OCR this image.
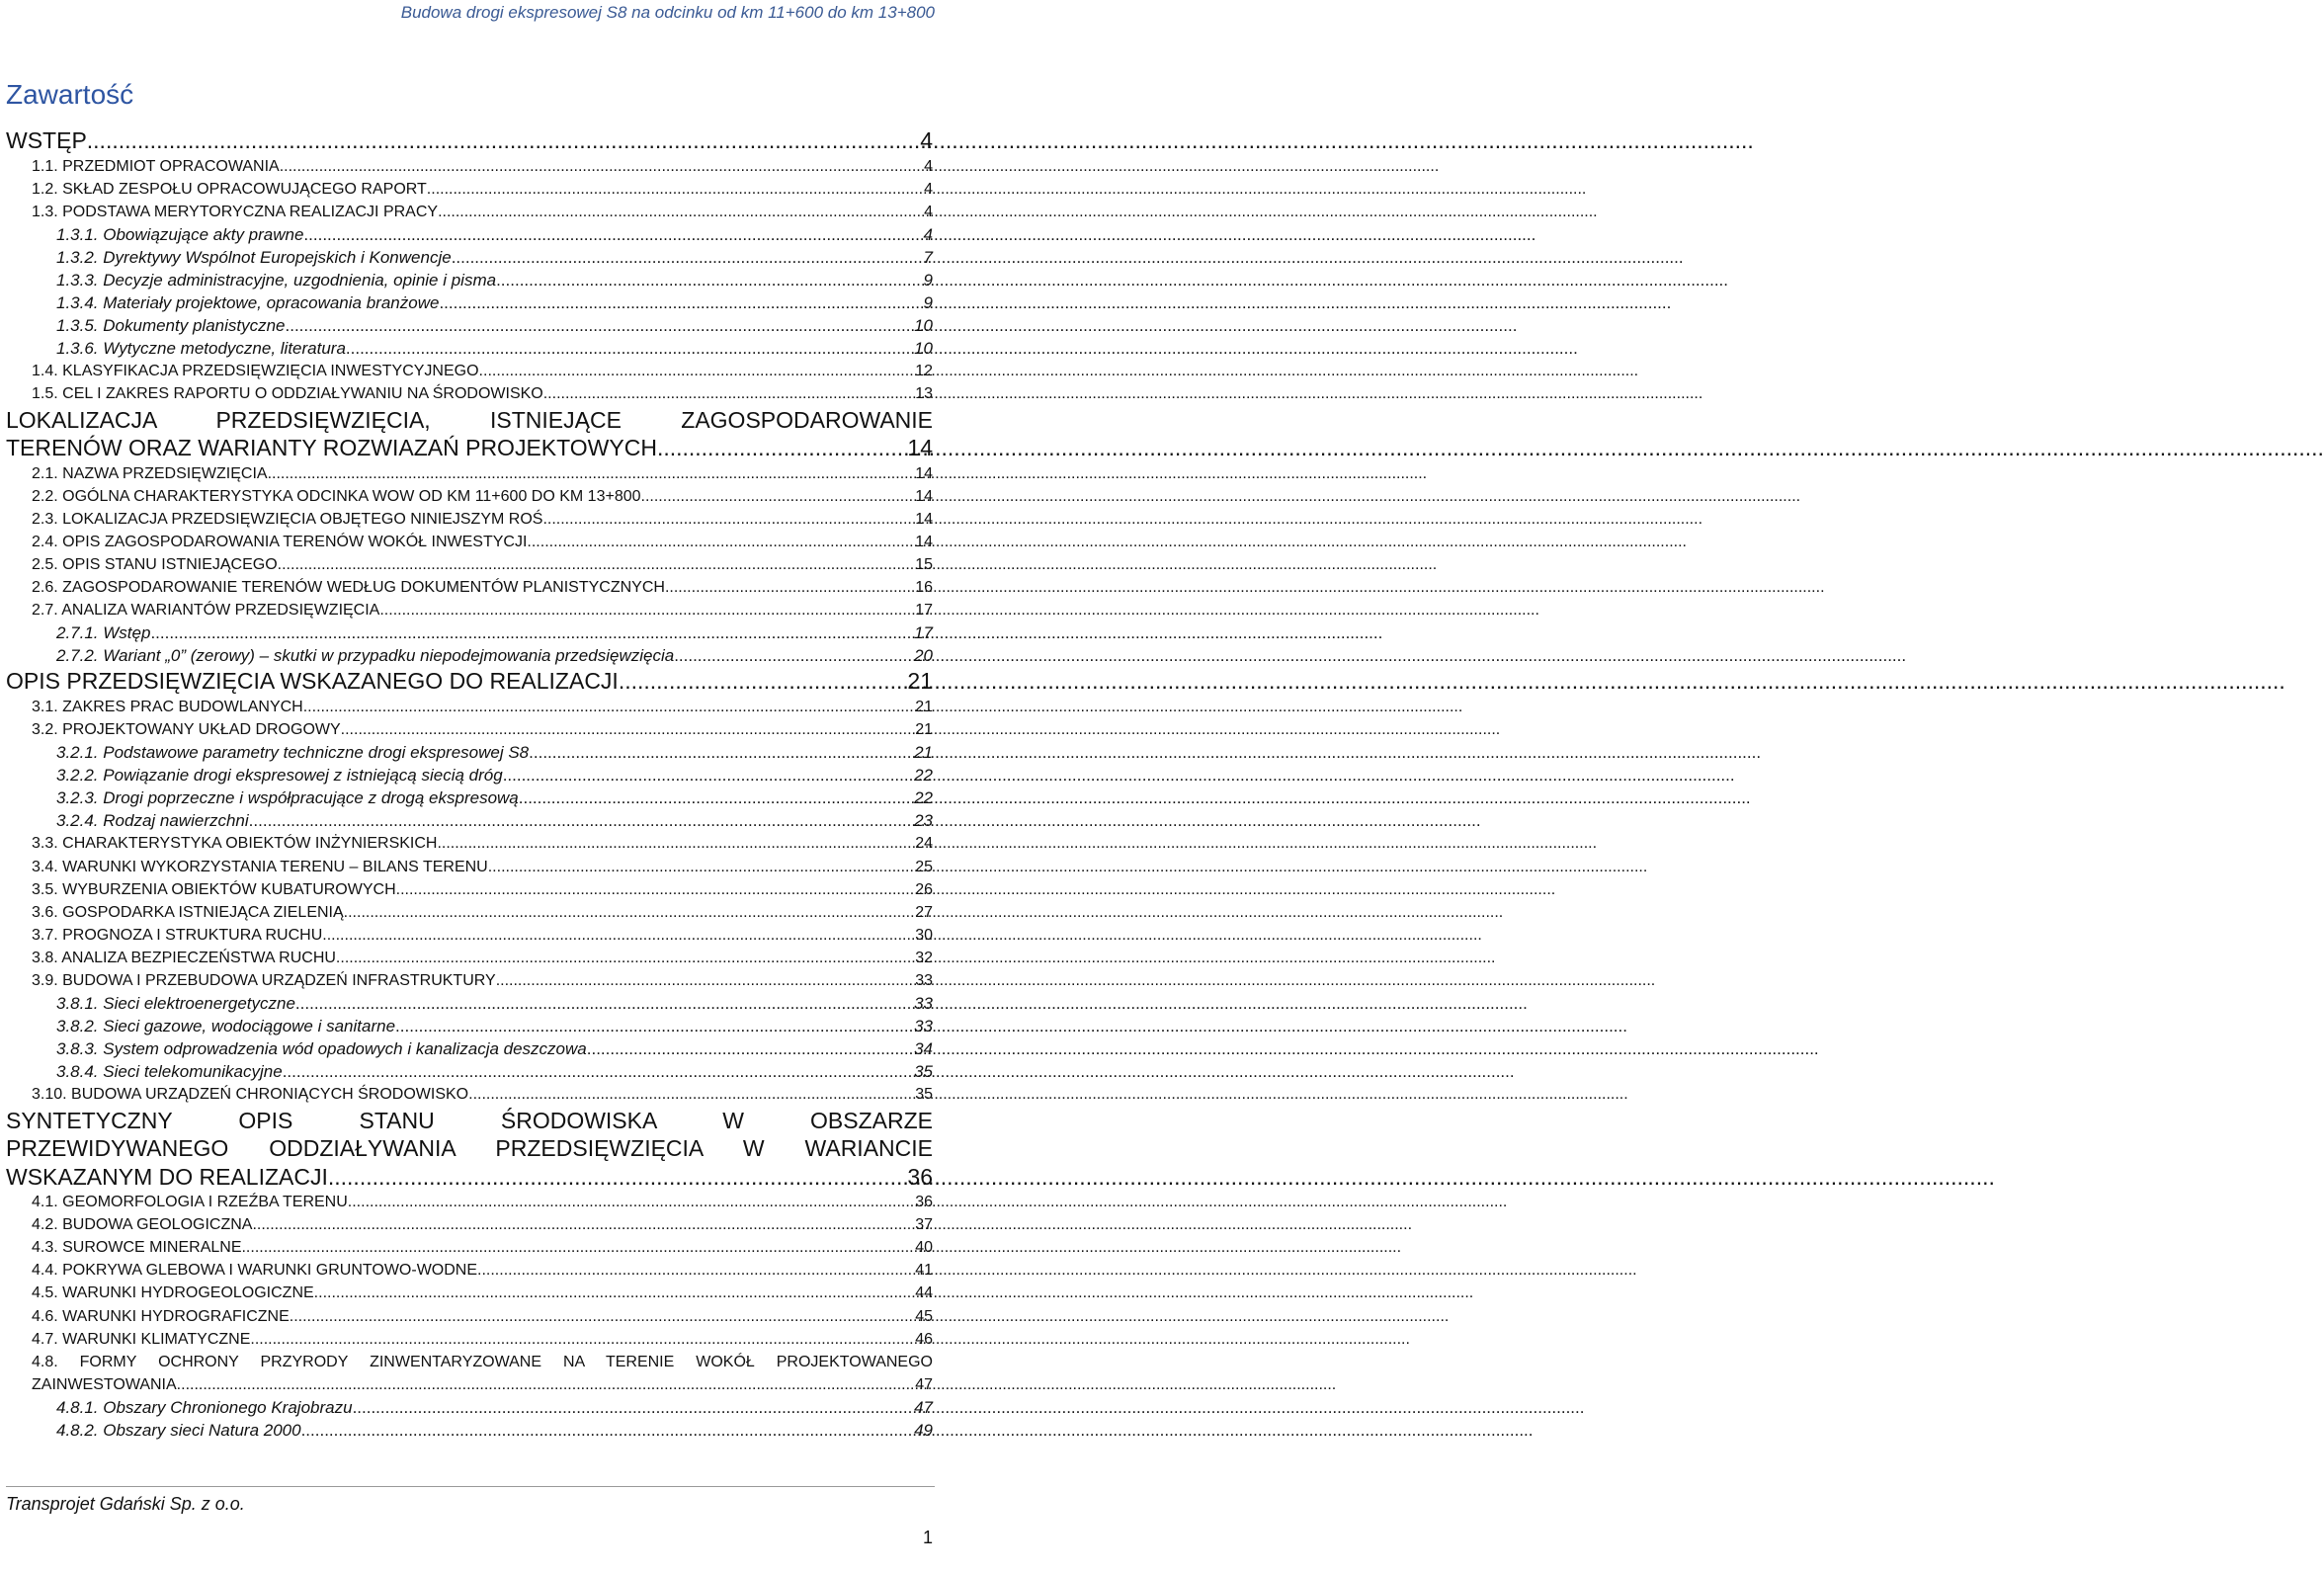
Budowa drogi ekspresowej S8 na odcinku od km 11+600 do km 13+800
Zawartość
WSTĘP .....	4
1.1. PRZEDMIOT OPRACOWANIA .....	4
1.2. SKŁAD ZESPOŁU OPRACOWUJĄCEGO RAPORT .....	4
1.3. PODSTAWA MERYTORYCZNA REALIZACJI PRACY .....	4
1.3.1. Obowiązujące akty prawne .....	4
1.3.2. Dyrektywy Wspólnot Europejskich i Konwencje .....	7
1.3.3. Decyzje administracyjne, uzgodnienia, opinie i pisma .....	9
1.3.4. Materiały projektowe, opracowania branżowe .....	9
1.3.5. Dokumenty planistyczne .....	10
1.3.6. Wytyczne metodyczne, literatura .....	10
1.4. KLASYFIKACJA PRZEDSIĘWZIĘCIA INWESTYCYJNEGO .....	12
1.5. CEL I ZAKRES RAPORTU O ODDZIAŁYWANIU NA ŚRODOWISKO .....	13
LOKALIZACJA PRZEDSIĘWZIĘCIA, ISTNIEJĄCE ZAGOSPODAROWANIE
TERENÓW ORAZ WARIANTY ROZWIAZAŃ PROJEKTOWYCH .....	14
2.1. NAZWA PRZEDSIĘWZIĘCIA .....	14
2.2. OGÓLNA CHARAKTERYSTYKA ODCINKA WOW OD KM 11+600 DO KM 13+800 .....	14
2.3. LOKALIZACJA PRZEDSIĘWZIĘCIA OBJĘTEGO NINIEJSZYM ROŚ .....	14
2.4. OPIS ZAGOSPODAROWANIA TERENÓW WOKÓŁ INWESTYCJI .....	14
2.5. OPIS STANU ISTNIEJĄCEGO .....	15
2.6. ZAGOSPODAROWANIE TERENÓW WEDŁUG DOKUMENTÓW PLANISTYCZNYCH .....	16
2.7. ANALIZA WARIANTÓW PRZEDSIĘWZIĘCIA .....	17
2.7.1. Wstęp .....	17
2.7.2. Wariant „0” (zerowy) – skutki w przypadku niepodejmowania przedsięwzięcia .....	20
OPIS PRZEDSIĘWZIĘCIA WSKAZANEGO DO REALIZACJI .....	21
3.1. ZAKRES PRAC BUDOWLANYCH .....	21
3.2. PROJEKTOWANY UKŁAD DROGOWY .....	21
3.2.1. Podstawowe parametry techniczne drogi ekspresowej S8 .....	21
3.2.2. Powiązanie drogi ekspresowej z istniejącą siecią dróg .....	22
3.2.3. Drogi poprzeczne i współpracujące z drogą ekspresową .....	22
3.2.4. Rodzaj nawierzchni .....	23
3.3. CHARAKTERYSTYKA OBIEKTÓW INŻYNIERSKICH .....	24
3.4. WARUNKI WYKORZYSTANIA TERENU – BILANS TERENU .....	25
3.5. WYBURZENIA OBIEKTÓW KUBATUROWYCH .....	26
3.6. GOSPODARKA ISTNIEJĄCA ZIELENIĄ .....	27
3.7. PROGNOZA I STRUKTURA RUCHU .....	30
3.8. ANALIZA BEZPIECZEŃSTWA RUCHU .....	32
3.9. BUDOWA I PRZEBUDOWA URZĄDZEŃ INFRASTRUKTURY .....	33
3.8.1. Sieci elektroenergetyczne .....	33
3.8.2. Sieci gazowe, wodociągowe i sanitarne .....	33
3.8.3. System odprowadzenia wód opadowych i kanalizacja deszczowa .....	34
3.8.4. Sieci telekomunikacyjne .....	35
3.10. BUDOWA URZĄDZEŃ CHRONIĄCYCH ŚRODOWISKO .....	35
SYNTETYCZNY OPIS STANU ŚRODOWISKA W OBSZARZE
PRZEWIDYWANEGO ODDZIAŁYWANIA PRZEDSIĘWZIĘCIA W WARIANCIE
WSKAZANYM DO REALIZACJI .....	36
4.1. GEOMORFOLOGIA I RZEŹBA TERENU .....	36
4.2. BUDOWA GEOLOGICZNA .....	37
4.3. SUROWCE MINERALNE .....	40
4.4. POKRYWA GLEBOWA I WARUNKI GRUNTOWO-WODNE .....	41
4.5. WARUNKI HYDROGEOLOGICZNE .....	44
4.6. WARUNKI HYDROGRAFICZNE .....	45
4.7. WARUNKI KLIMATYCZNE .....	46
4.8. FORMY OCHRONY PRZYRODY ZINWENTARYZOWANE NA TERENIE WOKÓŁ PROJEKTOWANEGO
ZAINWESTOWANIA .....	47
4.8.1. Obszary Chronionego Krajobrazu .....	47
4.8.2. Obszary sieci Natura 2000 .....	49
Transprojet Gdański Sp. z o.o.
1
